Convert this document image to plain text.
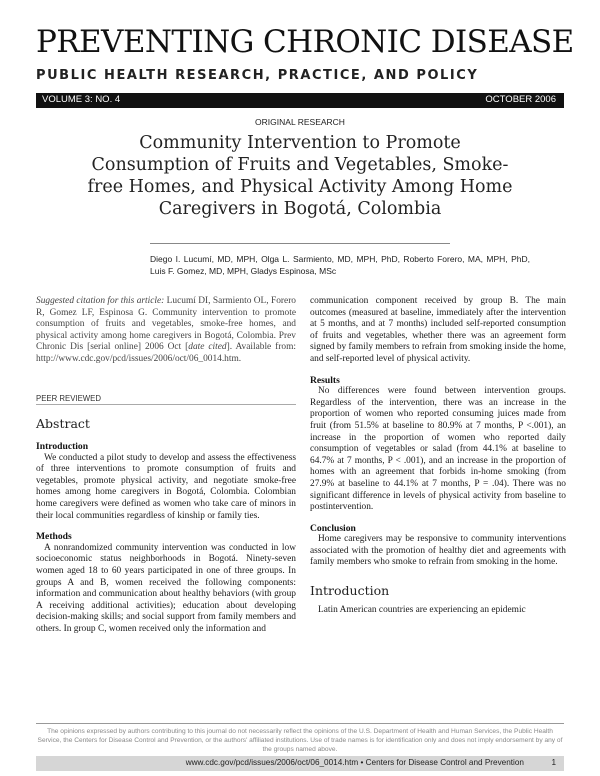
PREVENTING CHRONIC DISEASE
PUBLIC HEALTH RESEARCH, PRACTICE, AND POLICY
VOLUME 3: NO. 4	OCTOBER 2006
ORIGINAL RESEARCH
Community Intervention to Promote Consumption of Fruits and Vegetables, Smoke-free Homes, and Physical Activity Among Home Caregivers in Bogotá, Colombia
Diego I. Lucumí, MD, MPH, Olga L. Sarmiento, MD, MPH, PhD, Roberto Forero, MA, MPH, PhD, Luis F. Gomez, MD, MPH, Gladys Espinosa, MSc

Suggested citation for this article: Lucumí DI, Sarmiento OL, Forero R, Gomez LF, Espinosa G. Community intervention to promote consumption of fruits and vegetables, smoke-free homes, and physical activity among home caregivers in Bogotá, Colombia. Prev Chronic Dis [serial online] 2006 Oct [date cited]. Available from: http://www.cdc.gov/pcd/issues/2006/oct/06_0014.htm.

PEER REVIEWED
Abstract
Introduction

We conducted a pilot study to develop and assess the effectiveness of three interventions to promote consumption of fruits and vegetables, promote physical activity, and negotiate smoke-free homes among home caregivers in Bogotá, Colombia. Colombian home caregivers were defined as women who take care of minors in their local communities regardless of kinship or family ties.

Methods

A nonrandomized community intervention was conducted in low socioeconomic status neighborhoods in Bogotá. Ninety-seven women aged 18 to 60 years participated in one of three groups. In groups A and B, women received the following components: information and communication about healthy behaviors (with group A receiving additional activities); education about developing decision-making skills; and social support from family members and others. In group C, women received only the information and

communication component received by group B. The main outcomes (measured at baseline, immediately after the intervention at 5 months, and at 7 months) included self-reported consumption of fruits and vegetables, whether there was an agreement form signed by family members to refrain from smoking inside the home, and self-reported level of physical activity.

Results

No differences were found between intervention groups. Regardless of the intervention, there was an increase in the proportion of women who reported consuming juices made from fruit (from 51.5% at baseline to 80.9% at 7 months, P <.001), an increase in the proportion of women who reported daily consumption of vegetables or salad (from 44.1% at baseline to 64.7% at 7 months, P < .001), and an increase in the proportion of homes with an agreement that forbids in-home smoking (from 27.9% at baseline to 44.1% at 7 months, P = .04). There was no significant difference in levels of physical activity from baseline to postintervention.

Conclusion

Home caregivers may be responsive to community interventions associated with the promotion of healthy diet and agreements with family members who smoke to refrain from smoking in the home.

Introduction

Latin American countries are experiencing an epidemic

The opinions expressed by authors contributing to this journal do not necessarily reflect the opinions of the U.S. Department of Health and Human Services, the Public Health Service, the Centers for Disease Control and Prevention, or the authors' affiliated institutions. Use of trade names is for identification only and does not imply endorsement by any of the groups named above.
www.cdc.gov/pcd/issues/2006/oct/06_0014.htm • Centers for Disease Control and Prevention	1
